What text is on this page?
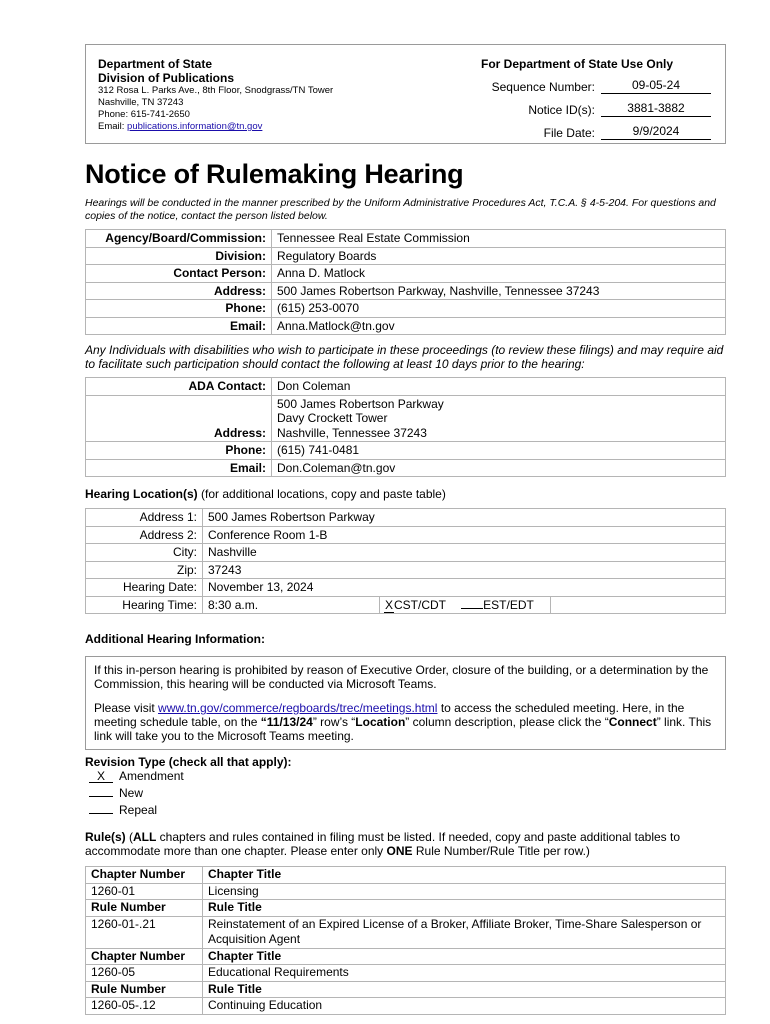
Department of State
Division of Publications
312 Rosa L. Parks Ave., 8th Floor, Snodgrass/TN Tower
Nashville, TN 37243
Phone: 615-741-2650
Email: publications.information@tn.gov
For Department of State Use Only
Sequence Number:	09-05-24
Notice ID(s):	3881-3882
File Date:	9/9/2024
Notice of Rulemaking Hearing
Hearings will be conducted in the manner prescribed by the Uniform Administrative Procedures Act, T.C.A. § 4-5-204. For questions and copies of the notice, contact the person listed below.
Agency/Board/Commission:	Tennessee Real Estate Commission
Division:	Regulatory Boards
Contact Person:	Anna D. Matlock
Address:	500 James Robertson Parkway, Nashville, Tennessee 37243
Phone:	(615) 253-0070
Email:	Anna.Matlock@tn.gov
Any Individuals with disabilities who wish to participate in these proceedings (to review these filings) and may require aid to facilitate such participation should contact the following at least 10 days prior to the hearing:
ADA Contact:	Don Coleman
Address:	500 James Robertson Parkway
Davy Crockett Tower
Nashville, Tennessee 37243

Phone:	(615) 741-0481
Email:	Don.Coleman@tn.gov
Hearing Location(s) (for additional locations, copy and paste table)
Address 1:	500 James Robertson Parkway
Address 2:	Conference Room 1-B
City:	Nashville
Zip:	37243
Hearing Date:	November 13, 2024
Hearing Time:	8:30 a.m. XCST/CDT EST/EDT
Additional Hearing Information:

If this in-person hearing is prohibited by reason of Executive Order, closure of the building, or a determination by the Commission, this hearing will be conducted via Microsoft Teams.

Please visit www.tn.gov/commerce/regboards/trec/meetings.html to access the scheduled meeting. Here, in the meeting schedule table, on the “11/13/24” row’s “Location” column description, please click the “Connect” link. This link will take you to the Microsoft Teams meeting.

Revision Type (check all that apply):
X Amendment
New
Repeal
Rule(s) (ALL chapters and rules contained in filing must be listed. If needed, copy and paste additional tables to accommodate more than one chapter. Please enter only ONE Rule Number/Rule Title per row.)
Chapter Number	Chapter Title
1260-01	Licensing
Rule Number	Rule Title
1260-01-.21	Reinstatement of an Expired License of a Broker, Affiliate Broker, Time-Share Salesperson or Acquisition Agent
Chapter Number	Chapter Title
1260-05	Educational Requirements
Rule Number	Rule Title
1260-05-.12	Continuing Education
